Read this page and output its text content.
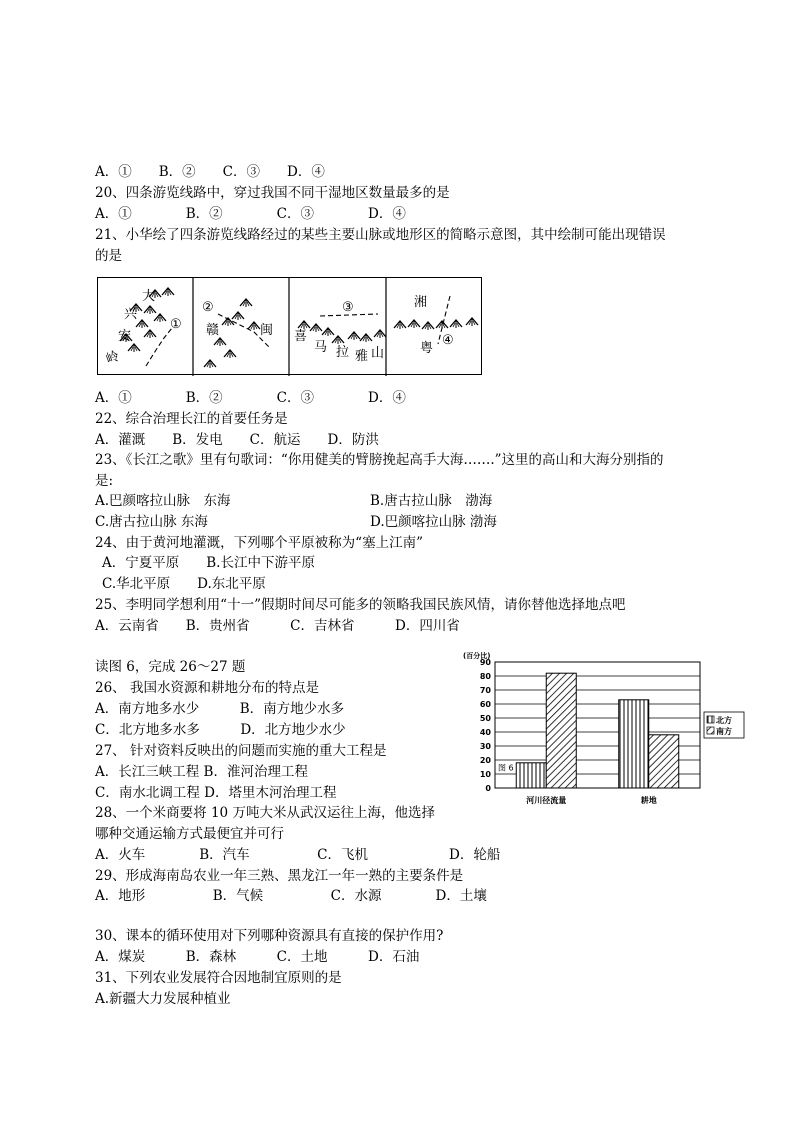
A．①　　B．②　　C．③　　D．④
20、四条游览线路中，穿过我国不同干湿地区数量最多的是
A．①　　　　B．②　　　　C．③　　　　D．④
21、小华绘了四条游览线路经过的某些主要山脉或地形区的简略示意图，其中绘制可能出现错误
的是
大
兴
安
岭
①
②
赣	闽
③
喜
马 拉 雅 山
湘
粤
④
A．①　　　　B．②　　　　C．③　　　　D．④
22、综合治理长江的首要任务是
A．灌溉　　B．发电　　C．航运　　D．防洪
23、《长江之歌》里有句歌词：“你用健美的臂膀挽起高手大海…….”这里的高山和大海分别指的
是:
A.巴颜喀拉山脉　东海	B.唐古拉山脉　渤海
C.唐古拉山脉 东海	D.巴颜喀拉山脉 渤海
24、由于黄河地灌溉，下列哪个平原被称为“塞上江南”
A．宁夏平原　　B.长江中下游平原
C.华北平原　　D.东北平原
25、李明同学想利用“十一”假期时间尽可能多的领略我国民族风情，请你替他选择地点吧
A．云南省　　B．贵州省　　　C．吉林省　　　D．四川省
读图 6，完成 26～27 题
26、 我国水资源和耕地分布的特点是
A．南方地多水少　　　B．南方地少水多
C．北方地多水多　　　D．北方地少水少
27、 针对资料反映出的问题而实施的重大工程是
A．长江三峡工程 B．淮河治理工程
C．南水北调工程 D．塔里木河治理工程
28、一个米商要将 10 万吨大米从武汉运往上海，他选择
哪种交通运输方式最便宜并可行
A．火车　　　　B．汽车　　　　　C．飞机　　　　　　D．轮船
29、形成海南岛农业一年三熟、黑龙江一年一熟的主要条件是
A．地形　　　　　B．气候　　　　　C．水源　　　　D．土壤
30、课本的循环使用对下列哪种资源具有直接的保护作用?
A．煤炭　　　B．森林　　　C．土地　　　D．石油
31、下列农业发展符合因地制宜原则的是
A.新疆大力发展种植业
(百分比)
0
10
20
30
40
50
60
70
80
90
河川径流量	耕地
图 6
北方
南方
